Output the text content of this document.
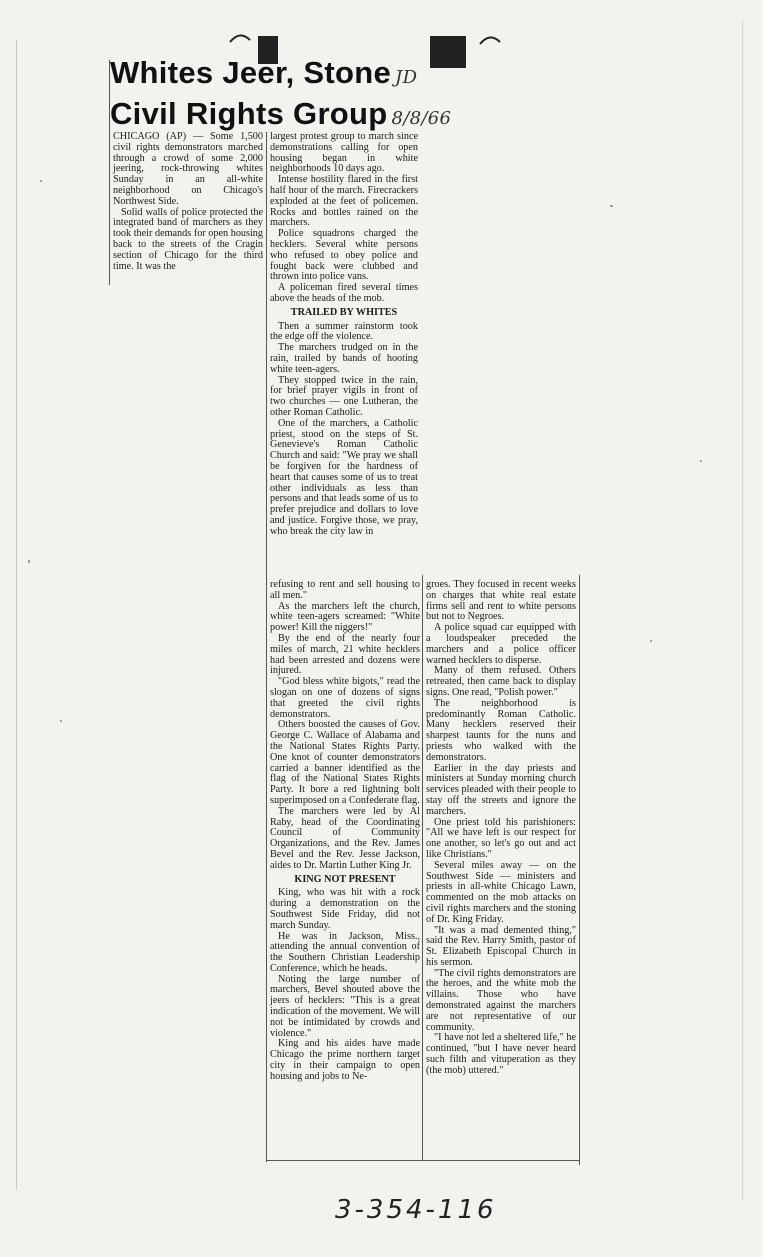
Whites Jeer, Stone JD
Civil Rights Group 8/8/66

CHICAGO (AP) — Some 1,500 civil rights demonstrators marched through a crowd of some 2,000 jeering, rock-throwing whites Sunday in an all-white neighborhood on Chicago's Northwest Side.

Solid walls of police protected the integrated band of marchers as they took their demands for open housing back to the streets of the Cragin section of Chicago for the third time. It was the

largest protest group to march since demonstrations calling for open housing began in white neighborhoods 10 days ago.

Intense hostility flared in the first half hour of the march. Firecrackers exploded at the feet of policemen. Rocks and bottles rained on the marchers.

Police squadrons charged the hecklers. Several white persons who refused to obey police and fought back were clubbed and thrown into police vans.

A policeman fired several times above the heads of the mob.

TRAILED BY WHITES

Then a summer rainstorm took the edge off the violence.

The marchers trudged on in the rain, trailed by bands of hooting white teen-agers.

They stopped twice in the rain, for brief prayer vigils in front of two churches — one Lutheran, the other Roman Catholic.

One of the marchers, a Catholic priest, stood on the steps of St. Genevieve's Roman Catholic Church and said: "We pray we shall be forgiven for the hardness of heart that causes some of us to treat other individuals as less than persons and that leads some of us to prefer prejudice and dollars to love and justice. Forgive those, we pray, who break the city law in

refusing to rent and sell housing to all men."

As the marchers left the church, white teen-agers screamed: "White power! Kill the niggers!"

By the end of the nearly four miles of march, 21 white hecklers had been arrested and dozens were injured.

"God bless white bigots," read the slogan on one of dozens of signs that greeted the civil rights demonstrators.

Others boosted the causes of Gov. George C. Wallace of Alabama and the National States Rights Party. One knot of counter demonstrators carried a banner identified as the flag of the National States Rights Party. It bore a red lightning bolt superimposed on a Confederate flag.

The marchers were led by Al Raby, head of the Coordinating Council of Community Organizations, and the Rev. James Bevel and the Rev. Jesse Jackson, aides to Dr. Martin Luther King Jr.

KING NOT PRESENT

King, who was hit with a rock during a demonstration on the Southwest Side Friday, did not march Sunday.

He was in Jackson, Miss., attending the annual convention of the Southern Christian Leadership Conference, which he heads.

Noting the large number of marchers, Bevel shouted above the jeers of hecklers: "This is a great indication of the movement. We will not be intimidated by crowds and violence."

King and his aides have made Chicago the prime northern target city in their campaign to open housing and jobs to Ne-

groes. They focused in recent weeks on charges that white real estate firms sell and rent to white persons but not to Negroes.

A police squad car equipped with a loudspeaker preceded the marchers and a police officer warned hecklers to disperse.

Many of them refused. Others retreated, then came back to display signs. One read, "Polish power."

The neighborhood is predominantly Roman Catholic. Many hecklers reserved their sharpest taunts for the nuns and priests who walked with the demonstrators.

Earlier in the day priests and ministers at Sunday morning church services pleaded with their people to stay off the streets and ignore the marchers.

One priest told his parishioners: "All we have left is our respect for one another, so let's go out and act like Christians."

Several miles away — on the Southwest Side — ministers and priests in all-white Chicago Lawn, commented on the mob attacks on civil rights marchers and the stoning of Dr. King Friday.

"It was a mad demented thing," said the Rev. Harry Smith, pastor of St. Elizabeth Episcopal Church in his sermon.

"The civil rights demonstrators are the heroes, and the white mob the villains. Those who have demonstrated against the marchers are not representative of our community.

"I have not led a sheltered life," he continued, "but I have never heard such filth and vituperation as they (the mob) uttered."

3-354-116
